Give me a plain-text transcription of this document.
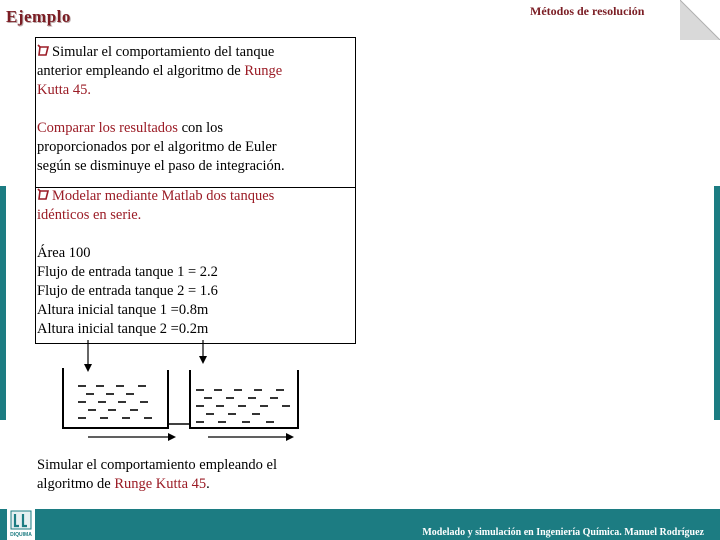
Ejemplo	Métodos de resolución
Simular el comportamiento del tanque
anterior empleando el algoritmo de Runge
Kutta 45.
Comparar los resultados con los
proporcionados por el algoritmo de Euler
según se disminuye el paso de integración.
Modelar mediante Matlab dos tanques
idénticos en serie.
Área 100
Flujo de entrada tanque 1 = 2.2
Flujo de entrada tanque 2 = 1.6
Altura inicial tanque 1 =0.8m
Altura inicial tanque 2 =0.2m
Simular el comportamiento empleando el
algoritmo de Runge Kutta 45.
DIQUIMA	Modelado y simulación en Ingeniería Química. Manuel Rodríguez
